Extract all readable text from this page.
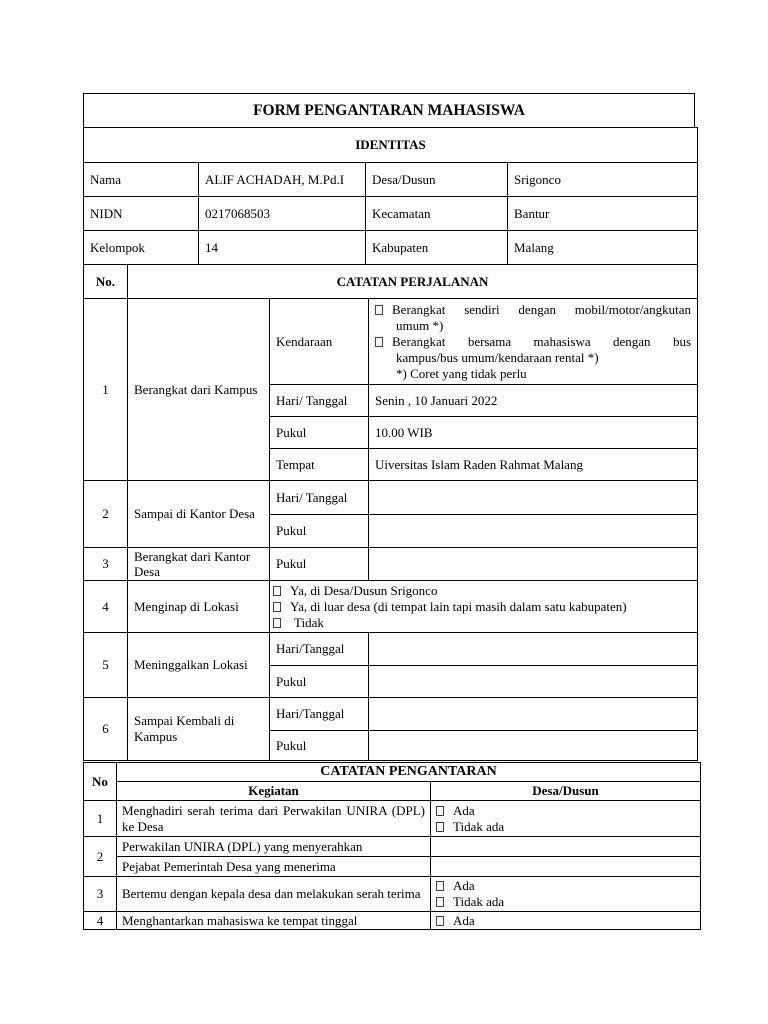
FORM PENGANTARAN MAHASISWA
IDENTITAS			
Nama	ALIF ACHADAH, M.Pd.I	Desa/Dusun	Srigonco
NIDN	0217068503	Kecamatan	Bantur
Kelompok	14	Kabupaten	Malang
No.	CATATAN PERJALANAN		
1	Berangkat dari Kampus	Kendaraan	Berangkat sendiri dengan mobil/motor/angkutan
umum *)
Berangkat bersama mahasiswa dengan bus
kampus/bus umum/kendaraan rental *)
*) Coret yang tidak perlu

		Hari/ Tanggal	Senin , 10 Januari 2022
		Pukul	10.00 WIB
		Tempat	Uiversitas Islam Raden Rahmat Malang
2	Sampai di Kantor Desa	Hari/ Tanggal	
		Pukul	
3	Berangkat dari Kantor Desa	Pukul	
4	Menginap di Lokasi	Ya, di Desa/Dusun Srigonco
Ya, di luar desa (di tempat lain tapi masih dalam satu kabupaten)
Tidak	

5	Meninggalkan Lokasi	Hari/Tanggal	
		Pukul	
6	Sampai Kembali di Kampus	Hari/Tanggal	
		Pukul	
No	CATATAN PENGANTARAN	
	Kegiatan	Desa/Dusun
1	Menghadiri serah terima dari Perwakilan UNIRA (DPL) ke Desa	Ada
Tidak ada

2	Perwakilan UNIRA (DPL) yang menyerahkan	
	Pejabat Pemerintah Desa yang menerima	
3	Bertemu dengan kepala desa dan melakukan serah terima	Ada
Tidak ada

4	Menghantarkan mahasiswa ke tempat tinggal	Ada
